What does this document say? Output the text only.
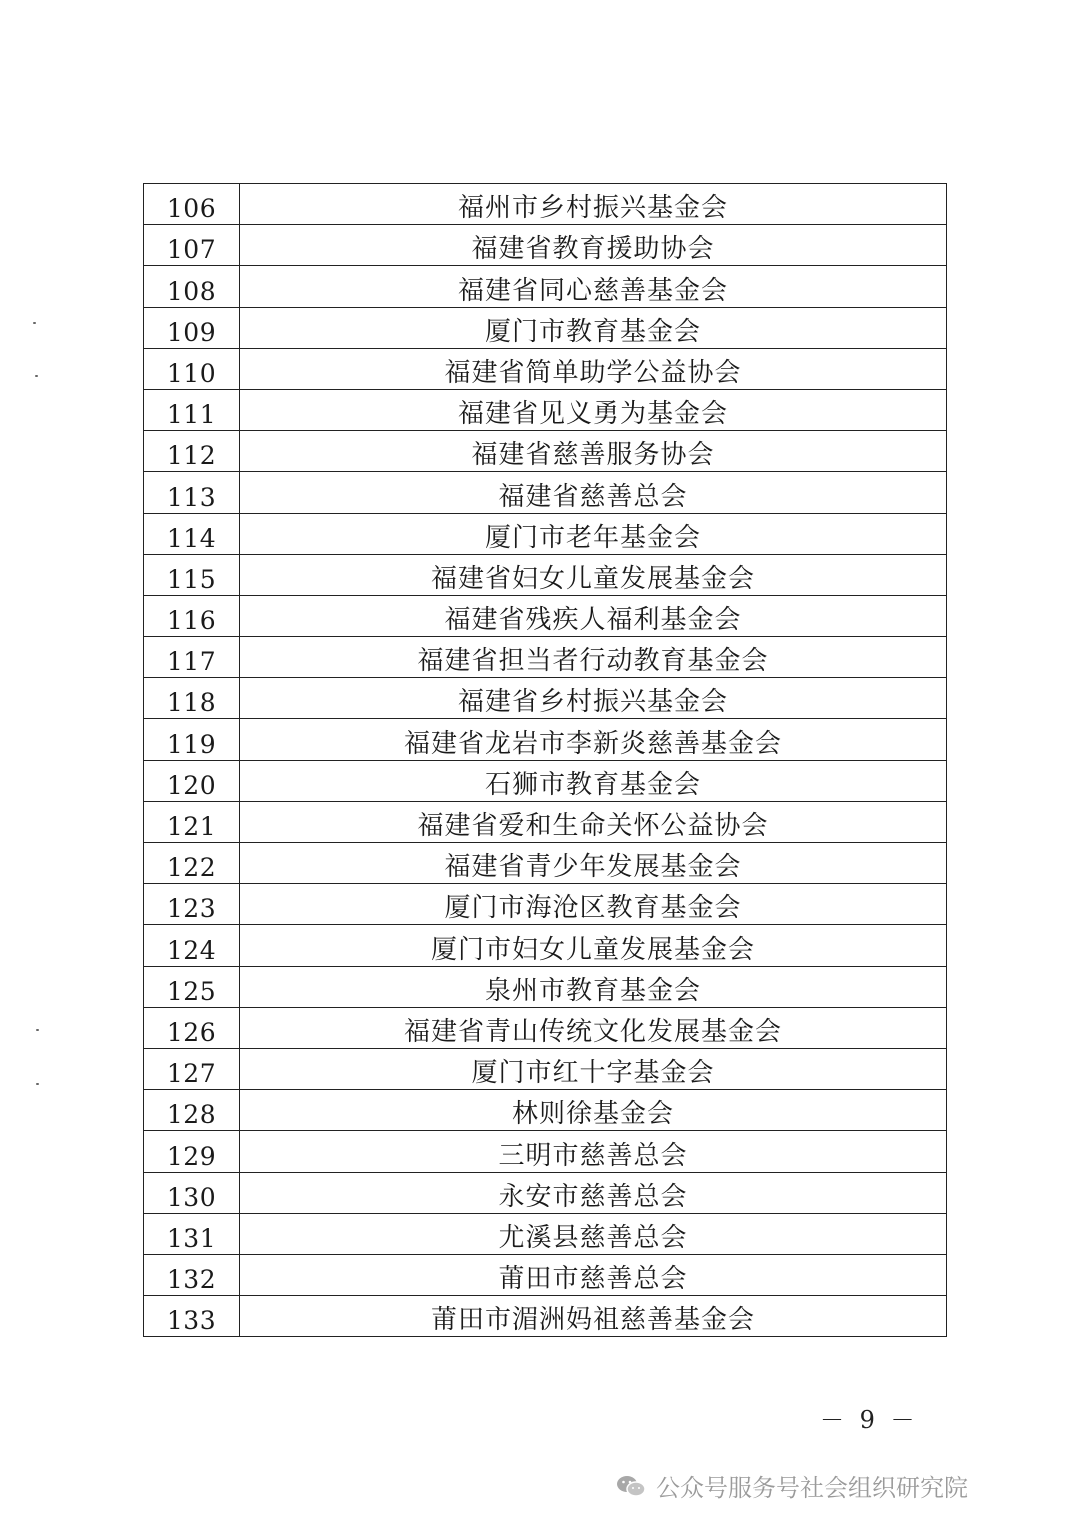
106	福州市乡村振兴基金会
107	福建省教育援助协会
108	福建省同心慈善基金会
109	厦门市教育基金会
110	福建省简单助学公益协会
111	福建省见义勇为基金会
112	福建省慈善服务协会
113	福建省慈善总会
114	厦门市老年基金会
115	福建省妇女儿童发展基金会
116	福建省残疾人福利基金会
117	福建省担当者行动教育基金会
118	福建省乡村振兴基金会
119	福建省龙岩市李新炎慈善基金会
120	石狮市教育基金会
121	福建省爱和生命关怀公益协会
122	福建省青少年发展基金会
123	厦门市海沧区教育基金会
124	厦门市妇女儿童发展基金会
125	泉州市教育基金会
126	福建省青山传统文化发展基金会
127	厦门市红十字基金会
128	林则徐基金会
129	三明市慈善总会
130	永安市慈善总会
131	尤溪县慈善总会
132	莆田市慈善总会
133	莆田市湄洲妈祖慈善基金会
－ 9 －
公众号服务号社会组织研究院
